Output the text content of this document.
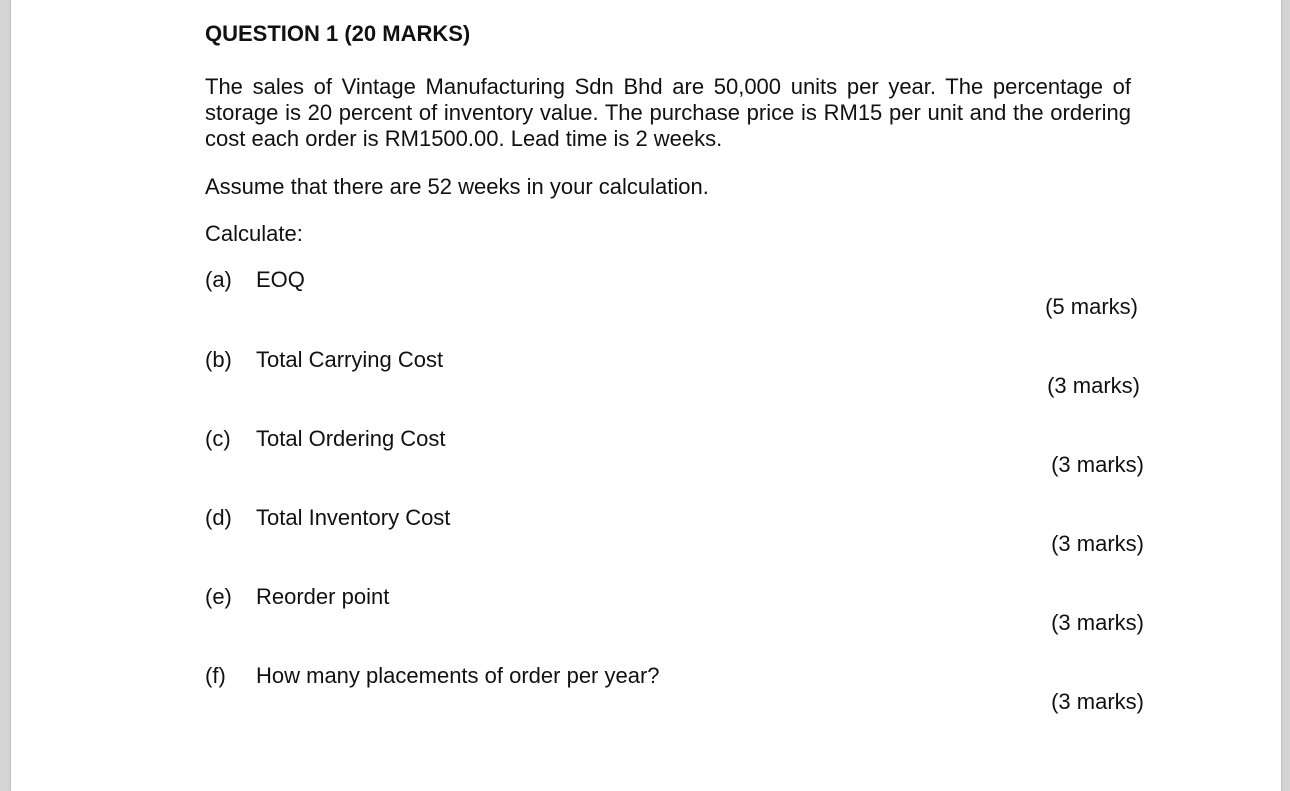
QUESTION 1 (20 MARKS)
The sales of Vintage Manufacturing Sdn Bhd are 50,000 units per year. The percentage of storage is 20 percent of inventory value. The purchase price is RM15 per unit and the ordering cost each order is RM1500.00. Lead time is 2 weeks.
Assume that there are 52 weeks in your calculation.
Calculate:
(a) EOQ
(5 marks)
(b) Total Carrying Cost
(3 marks)
(c) Total Ordering Cost
(3 marks)
(d) Total Inventory Cost
(3 marks)
(e) Reorder point
(3 marks)
(f) How many placements of order per year?
(3 marks)
